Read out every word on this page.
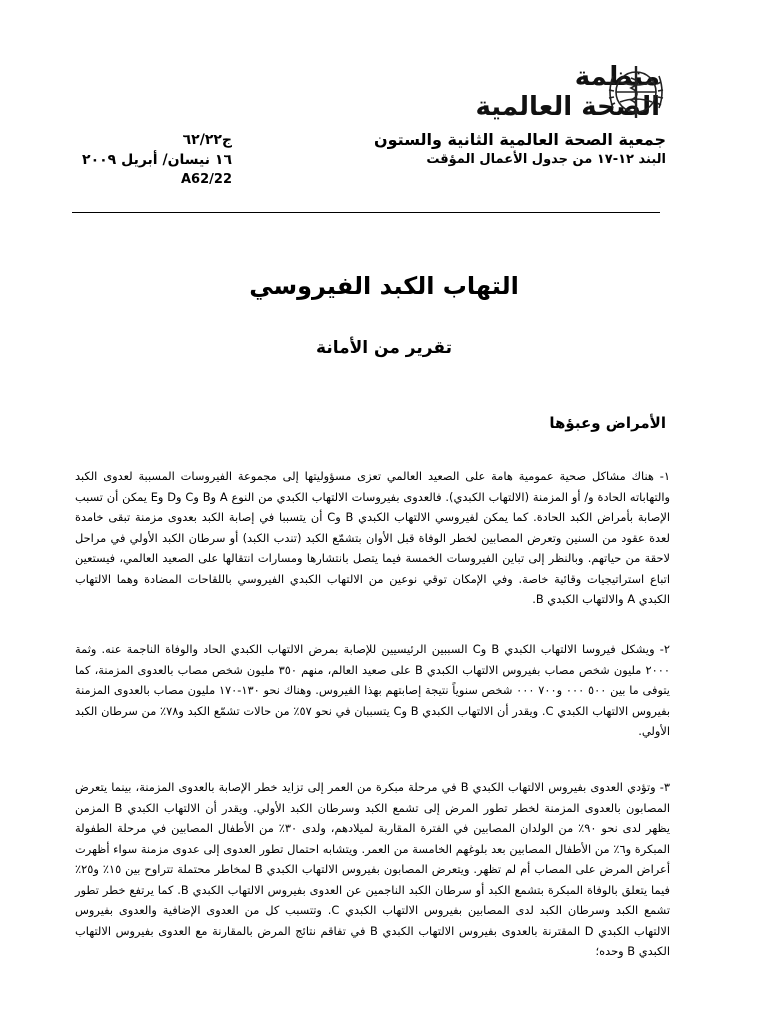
منظمة
الصحة العالمية
جمعية الصحة العالمية الثانية والستون
البند ١٢-١٧ من جدول الأعمال المؤقت
ج٦٢/٢٢
١٦ نيسان/ أبريل ٢٠٠٩
A62/22
التهاب الكبد الفيروسي
تقرير من الأمانة
الأمراض وعبؤها

١- هناك مشاكل صحية عمومية هامة على الصعيد العالمي تعزى مسؤوليتها إلى مجموعة الفيروسات المسببة لعدوى الكبد والتهاباته الحادة و/ أو المزمنة (الالتهاب الكبدي). فالعدوى بفيروسات الالتهاب الكبدي من النوع A وB وC وD وE يمكن أن تسبب الإصابة بأمراض الكبد الحادة. كما يمكن لفيروسي الالتهاب الكبدي B وC أن يتسببا في إصابة الكبد بعدوى مزمنة تبقى خامدة لعدة عقود من السنين وتعرض المصابين لخطر الوفاة قبل الأوان بتشمّع الكبد (تندب الكبد) أو سرطان الكبد الأولي في مراحل لاحقة من حياتهم. وبالنظر إلى تباين الفيروسات الخمسة فيما يتصل بانتشارها ومسارات انتقالها على الصعيد العالمي، فيستعين اتباع استراتيجيات وقائية خاصة. وفي الإمكان توقي نوعين من الالتهاب الكبدي الفيروسي باللقاحات المضادة وهما الالتهاب الكبدي A والالتهاب الكبدي B.

٢- ويشكل فيروسا الالتهاب الكبدي B وC السببين الرئيسيين للإصابة بمرض الالتهاب الكبدي الحاد والوفاة الناجمة عنه. وثمة ٢٠٠٠ مليون شخص مصاب بفيروس الالتهاب الكبدي B على صعيد العالم، منهم ٣٥٠ مليون شخص مصاب بالعدوى المزمنة، كما يتوفى ما بين ٥٠٠ ٠٠٠ و٧٠٠ ٠٠٠ شخص سنوياً نتيجة إصابتهم بهذا الفيروس. وهناك نحو ١٣٠-١٧٠ مليون مصاب بالعدوى المزمنة بفيروس الالتهاب الكبدي C. ويقدر أن الالتهاب الكبدي B وC يتسببان في نحو ٥٧٪ من حالات تشمّع الكبد و٧٨٪ من سرطان الكبد الأولي.

٣- وتؤدي العدوى بفيروس الالتهاب الكبدي B في مرحلة مبكرة من العمر إلى تزايد خطر الإصابة بالعدوى المزمنة، بينما يتعرض المصابون بالعدوى المزمنة لخطر تطور المرض إلى تشمع الكبد وسرطان الكبد الأولي. ويقدر أن الالتهاب الكبدي B المزمن يظهر لدى نحو ٩٠٪ من الولدان المصابين في الفترة المقاربة لميلادهم، ولدى ٣٠٪ من الأطفال المصابين في مرحلة الطفولة المبكرة و٦٪ من الأطفال المصابين بعد بلوغهم الخامسة من العمر. ويتشابه احتمال تطور العدوى إلى عدوى مزمنة سواء أظهرت أعراض المرض على المصاب أم لم تظهر. ويتعرض المصابون بفيروس الالتهاب الكبدي B لمخاطر محتملة تتراوح بين ١٥٪ و٢٥٪ فيما يتعلق بالوفاة المبكرة بتشمع الكبد أو سرطان الكبد الناجمين عن العدوى بفيروس الالتهاب الكبدي B. كما يرتفع خطر تطور تشمع الكبد وسرطان الكبد لدى المصابين بفيروس الالتهاب الكبدي C. وتتسبب كل من العدوى الإضافية والعدوى بفيروس الالتهاب الكبدي D المقترنة بالعدوى بفيروس الالتهاب الكبدي B في تفاقم نتائج المرض بالمقارنة مع العدوى بفيروس الالتهاب الكبدي B وحده؛
